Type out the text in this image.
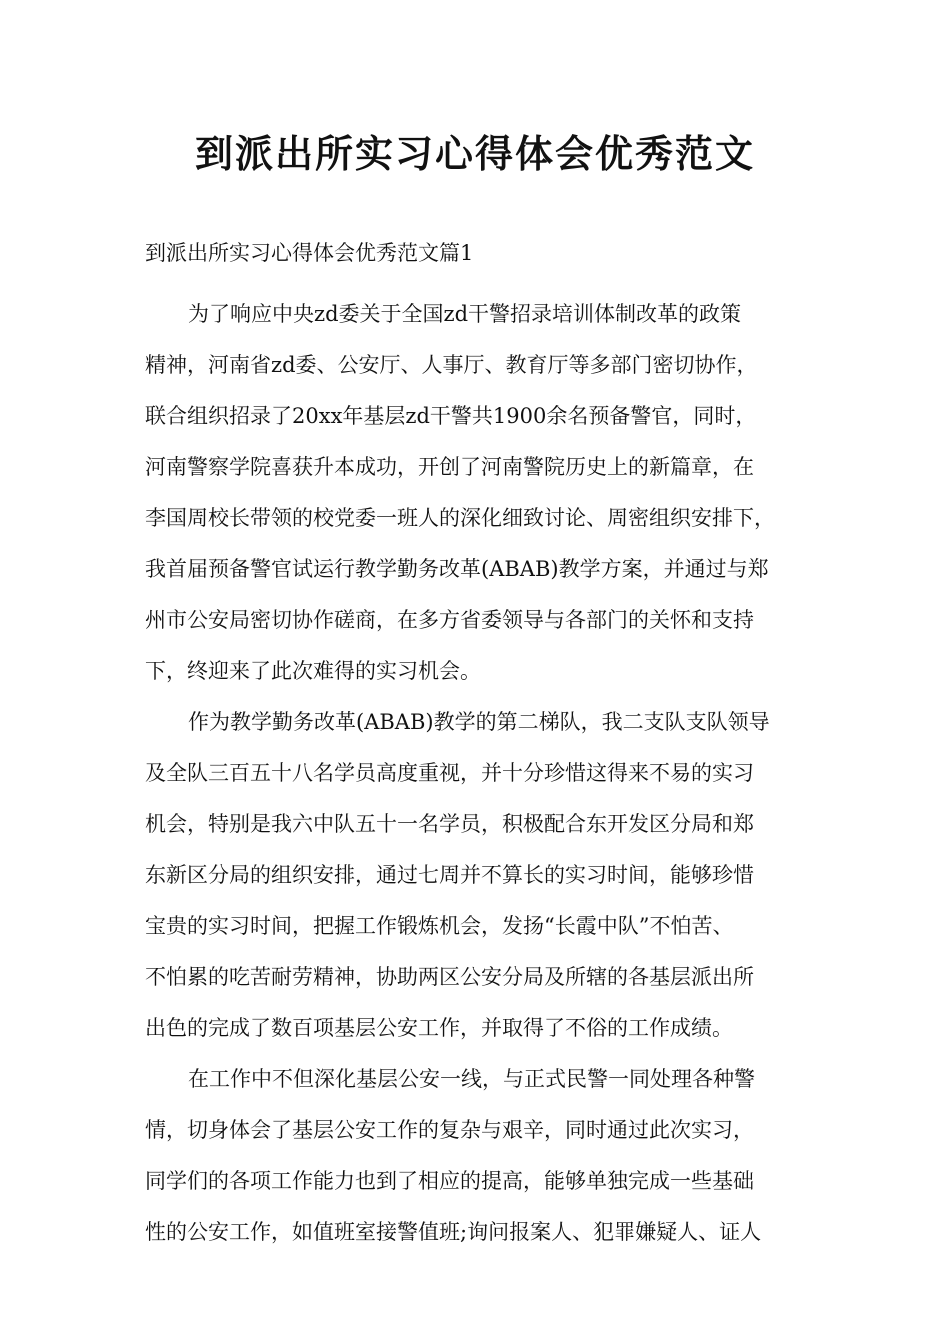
到派出所实习心得体会优秀范文

到派出所实习心得体会优秀范文篇1

为了响应中央zd委关于全国zd干警招录培训体制改革的政策
精神，河南省zd委、公安厅、人事厅、教育厅等多部门密切协作，
联合组织招录了20xx年基层zd干警共1900余名预备警官，同时，
河南警察学院喜获升本成功，开创了河南警院历史上的新篇章，在
李国周校长带领的校党委一班人的深化细致讨论、周密组织安排下，
我首届预备警官试运行教学勤务改革(ABAB)教学方案，并通过与郑
州市公安局密切协作磋商，在多方省委领导与各部门的关怀和支持
下，终迎来了此次难得的实习机会。
作为教学勤务改革(ABAB)教学的第二梯队，我二支队支队领导
及全队三百五十八名学员高度重视，并十分珍惜这得来不易的实习
机会，特别是我六中队五十一名学员，积极配合东开发区分局和郑
东新区分局的组织安排，通过七周并不算长的实习时间，能够珍惜
宝贵的实习时间，把握工作锻炼机会，发扬“长霞中队”不怕苦、
不怕累的吃苦耐劳精神，协助两区公安分局及所辖的各基层派出所
出色的完成了数百项基层公安工作，并取得了不俗的工作成绩。
在工作中不但深化基层公安一线，与正式民警一同处理各种警
情，切身体会了基层公安工作的复杂与艰辛，同时通过此次实习，
同学们的各项工作能力也到了相应的提高，能够单独完成一些基础
性的公安工作，如值班室接警值班;询问报案人、犯罪嫌疑人、证人
